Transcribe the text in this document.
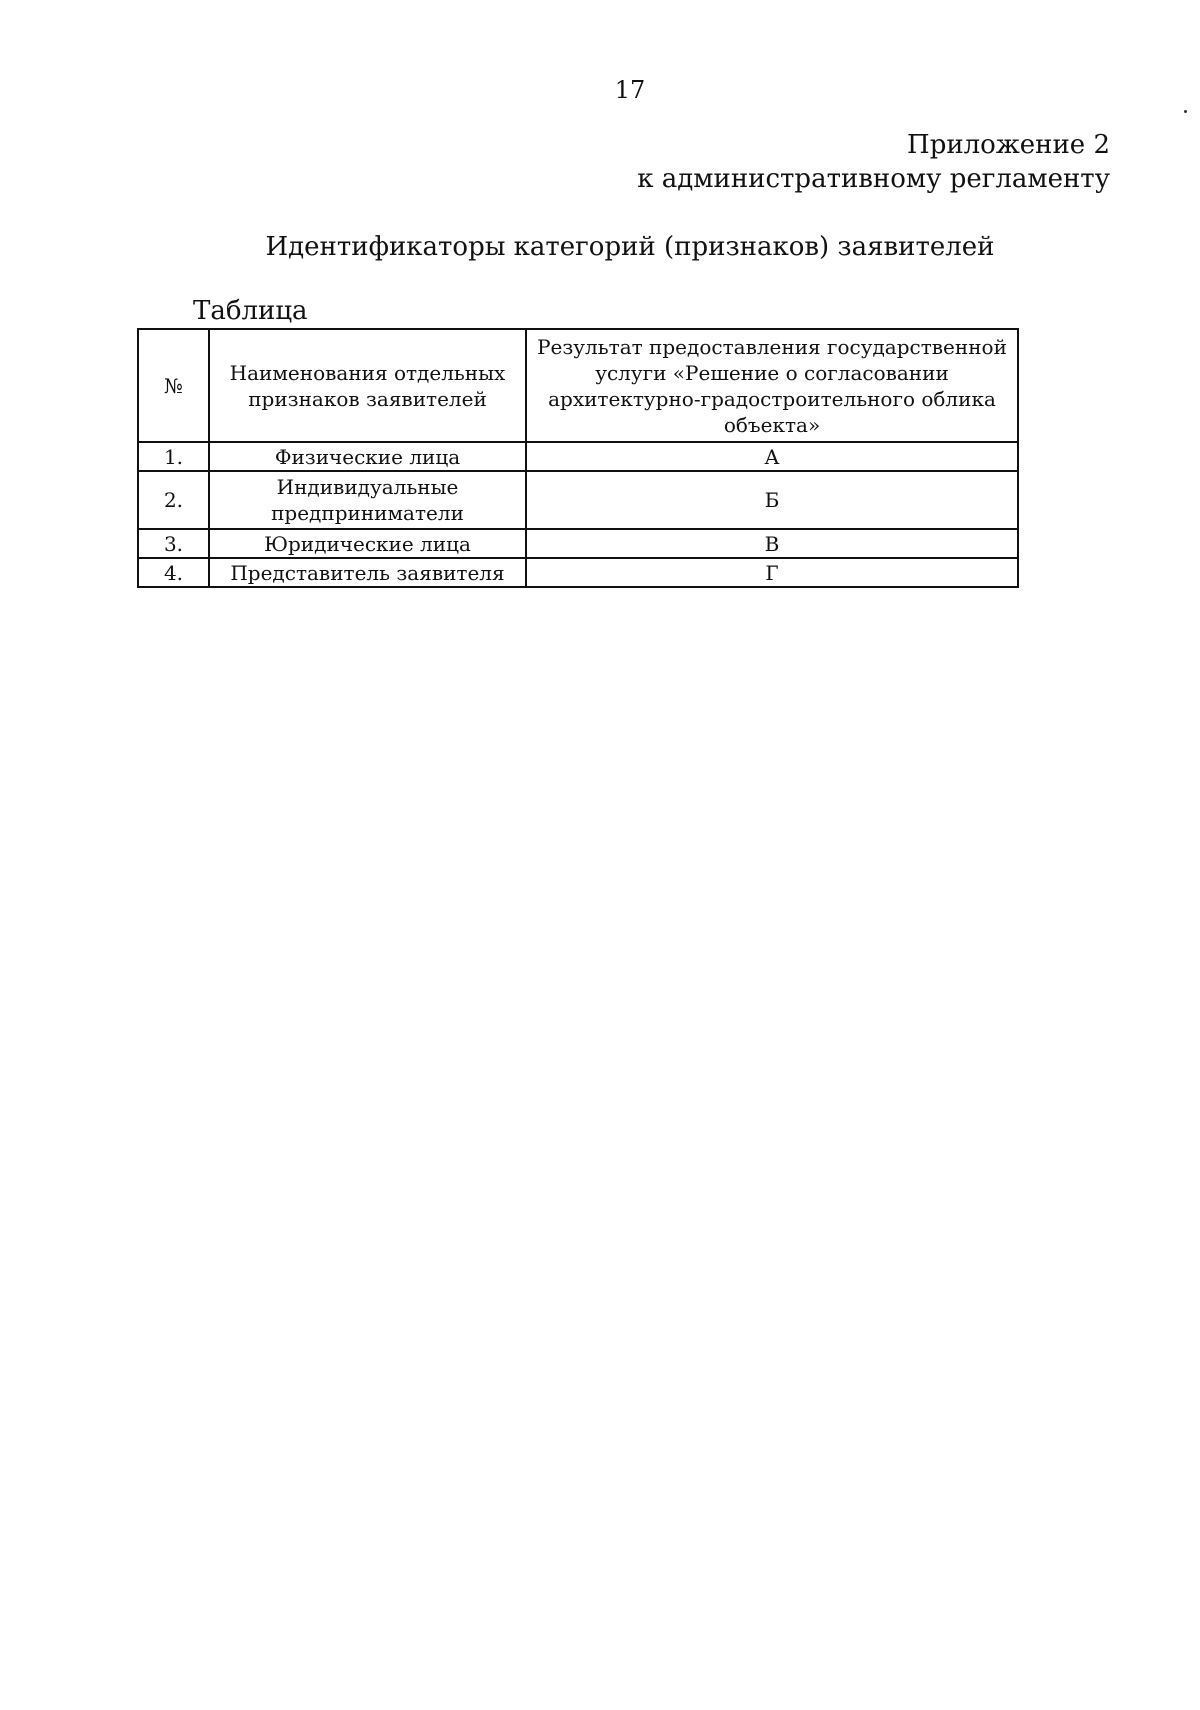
17
Приложение 2
к административному регламенту
Идентификаторы категорий (признаков) заявителей
Таблица
№	Наименования отдельных признаков заявителей	Результат предоставления государственной услуги «Решение о согласовании архитектурно-градостроительного облика объекта»
1.	Физические лица	А
2.	Индивидуальные предприниматели	Б
3.	Юридические лица	В
4.	Представитель заявителя	Г
